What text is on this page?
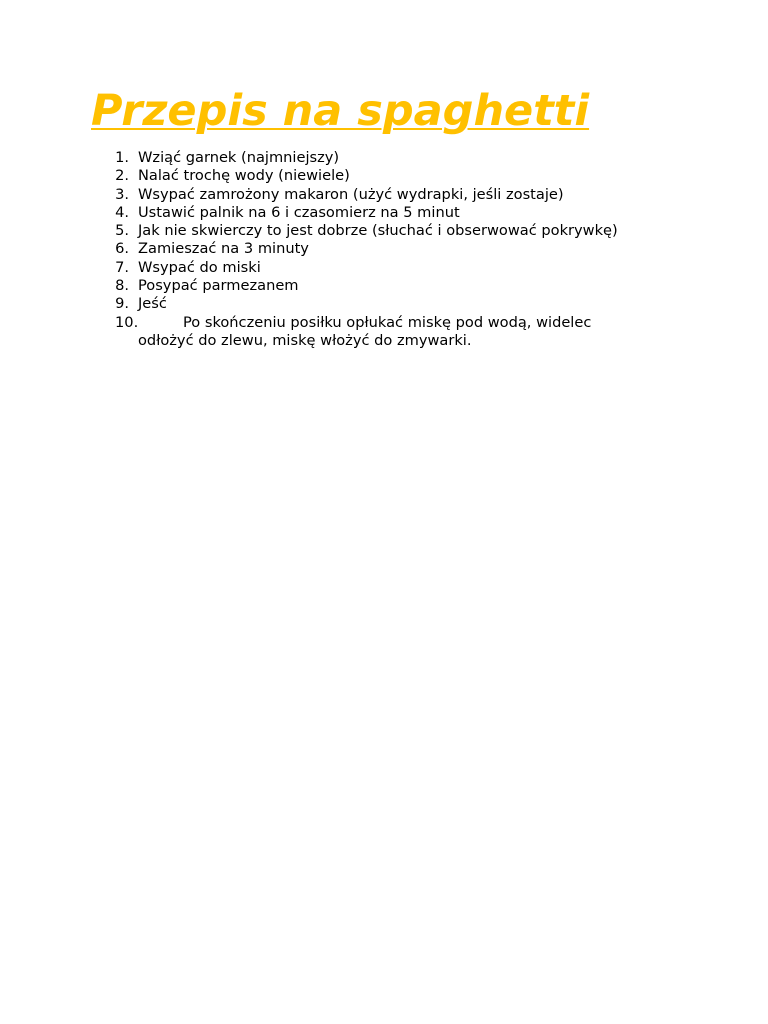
Przepis na spaghetti
1. Wziąć garnek (najmniejszy)
2. Nalać trochę wody (niewiele)
3. Wsypać zamrożony makaron (użyć wydrapki, jeśli zostaje)
4. Ustawić palnik na 6 i czasomierz na 5 minut
5. Jak nie skwierczy to jest dobrze (słuchać i obserwować pokrywkę)
6. Zamieszać na 3 minuty
7. Wsypać do miski
8. Posypać parmezanem
9. Jeść
10.	Po skończeniu posiłku opłukać miskę pod wodą, widelec odłożyć do zlewu, miskę włożyć do zmywarki.
